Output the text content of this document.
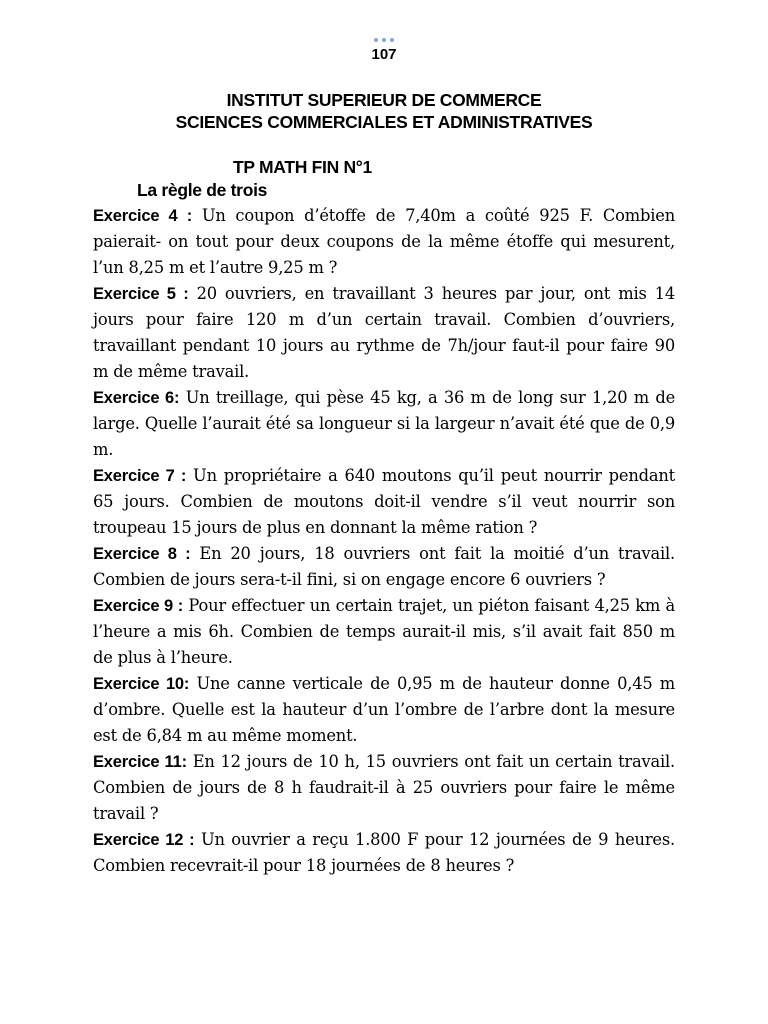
107
INSTITUT SUPERIEUR DE COMMERCE
SCIENCES COMMERCIALES ET ADMINISTRATIVES
TP MATH FIN N°1
La règle de trois

Exercice 4 : Un coupon d’étoffe de 7,40m a coûté 925 F. Combien paierait- on tout pour deux coupons de la même étoffe qui mesurent, l’un 8,25 m et l’autre 9,25 m ?

Exercice 5 : 20 ouvriers, en travaillant 3 heures par jour, ont mis 14 jours pour faire 120 m d’un certain travail. Combien d’ouvriers, travaillant pendant 10 jours au rythme de 7h/jour faut-il pour faire 90 m de même travail.

Exercice 6: Un treillage, qui pèse 45 kg, a 36 m de long sur 1,20 m de large. Quelle l’aurait été sa longueur si la largeur n’avait été que de 0,9 m.

Exercice 7 : Un propriétaire a 640 moutons qu’il peut nourrir pendant 65 jours. Combien de moutons doit-il vendre s’il veut nourrir son troupeau 15 jours de plus en donnant la même ration ?

Exercice 8 : En 20 jours, 18 ouvriers ont fait la moitié d’un travail. Combien de jours sera-t-il fini, si on engage encore 6 ouvriers ?

Exercice 9 : Pour effectuer un certain trajet, un piéton faisant 4,25 km à l’heure a mis 6h. Combien de temps aurait-il mis, s’il avait fait 850 m de plus à l’heure.

Exercice 10: Une canne verticale de 0,95 m de hauteur donne 0,45 m d’ombre. Quelle est la hauteur d’un l’ombre de l’arbre dont la mesure est de 6,84 m au même moment.

Exercice 11: En 12 jours de 10 h, 15 ouvriers ont fait un certain travail. Combien de jours de 8 h faudrait-il à 25 ouvriers pour faire le même travail ?

Exercice 12 : Un ouvrier a reçu 1.800 F pour 12 journées de 9 heures. Combien recevrait-il pour 18 journées de 8 heures ?
